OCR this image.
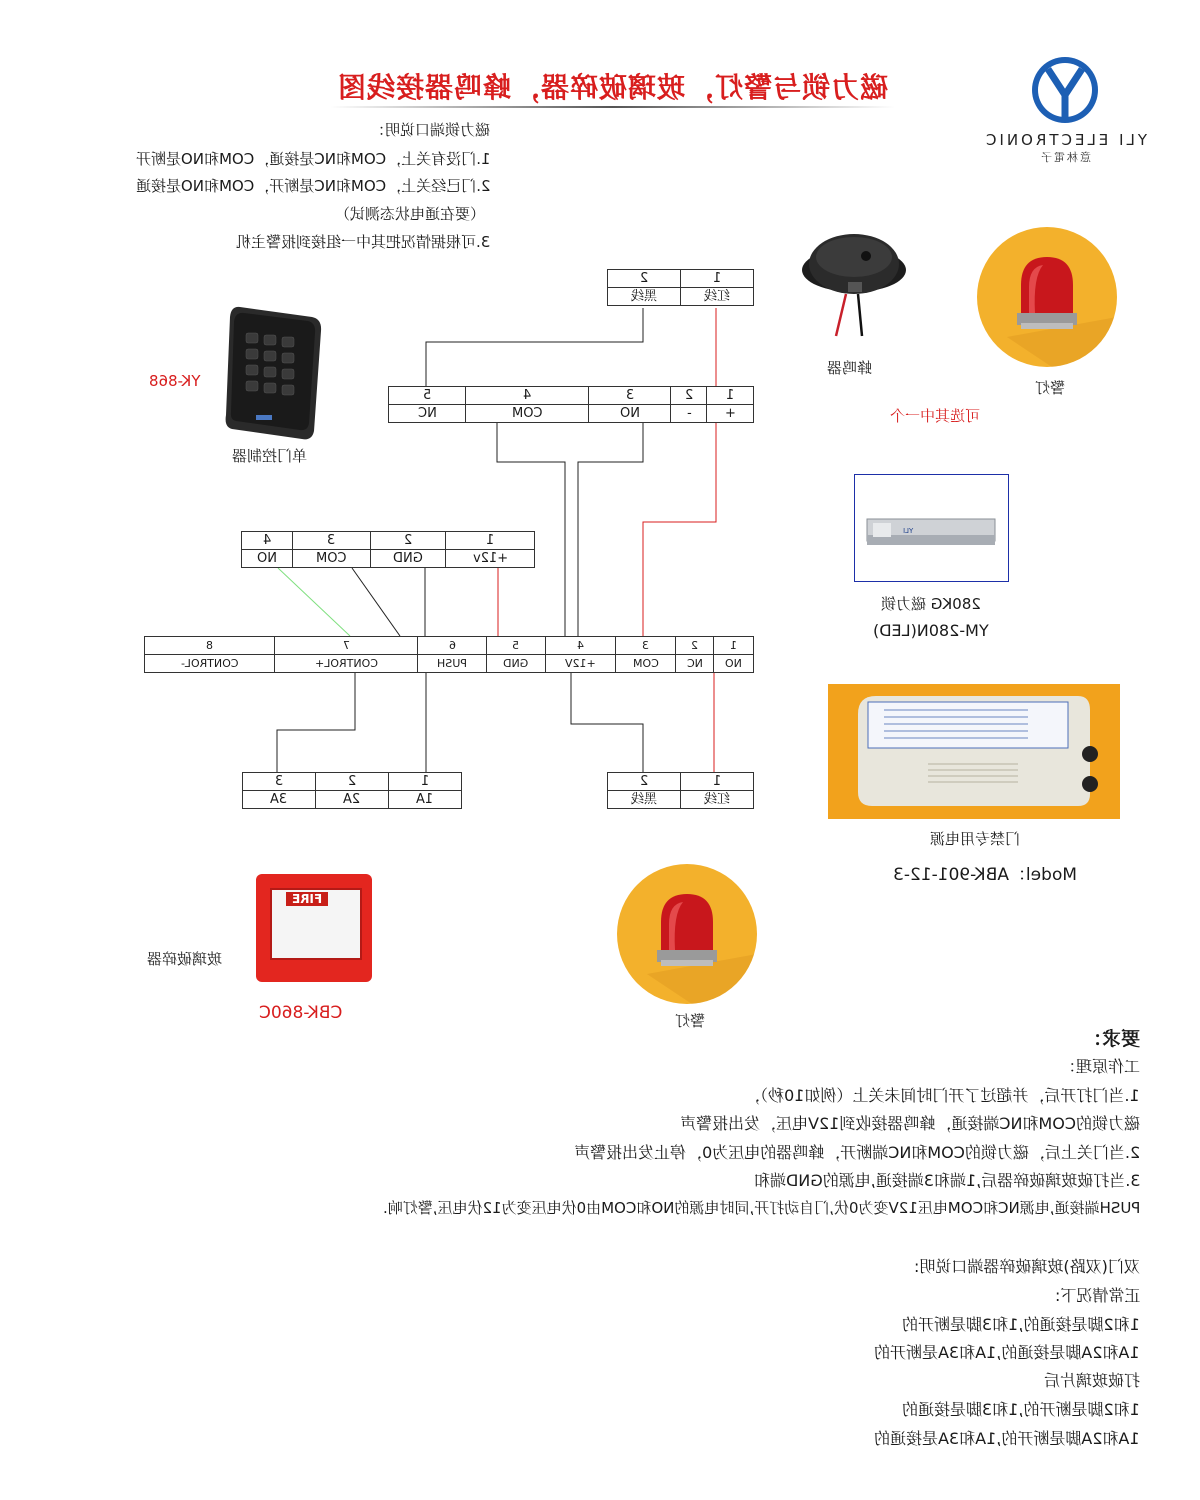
磁力锁与警灯，玻璃破碎器，蜂鸣器接线图
YLI ELECTRONIC
意林電子
磁力锁端口说明：
1.门没有关上，COM和NC是接通，COM和NO是断开
2.门已经关上，COM和NC是断开，COM和NO是接通
（要在通电状态测试）
3.可根据情况把其中一组接到报警主机
2	1
黑线	红线
5	4	3	2	1
NC	COM	NO	-	+
4	3	2	1
NO	COM	GND	+12v
8	7	6	5	4	3	2	1
CONTROL-	CONTROL+	PUSH	GND	+12V	COM	NC	NO
3	2	1
3A	2A	1A
2	1
黑线	红线
YK-868
单门控制器
蜂鸣器
警灯
可选其中一个
YLI
280KG 磁力锁
YM-280N(LED)
门禁专用电源
Model：ABK-901-12-3
FIRE
玻璃破碎器
CBK-860C	警灯
要求：
工作原理：
1.当门打开后，并超过了开门时间未关上（例如10秒），
磁力锁的COM和NC端接通，蜂鸣器接收到12V电压，发出报警声
2.当门关上后，磁力锁的COM和NC端断开，蜂鸣器的电压为0，停止发出报警声
3.当打破玻璃破碎器后,1端和3端接通,电源的GND端和
PUSH端接通,电源NC和COM电压12V变为0伏,门自动打开,同时电源的NO和COM由0伏电压变为12伏电压,警灯响.
双门(双路)玻璃破碎器端口说明:
正常情况下:
1和2脚是接通的,1和3脚是断开的
1A和2A脚是接通的,1A和3A是断开的
打破玻璃片后
1和2脚是断开的,1和3脚是接通的
1A和2A脚是断开的,1A和3A是接通的
